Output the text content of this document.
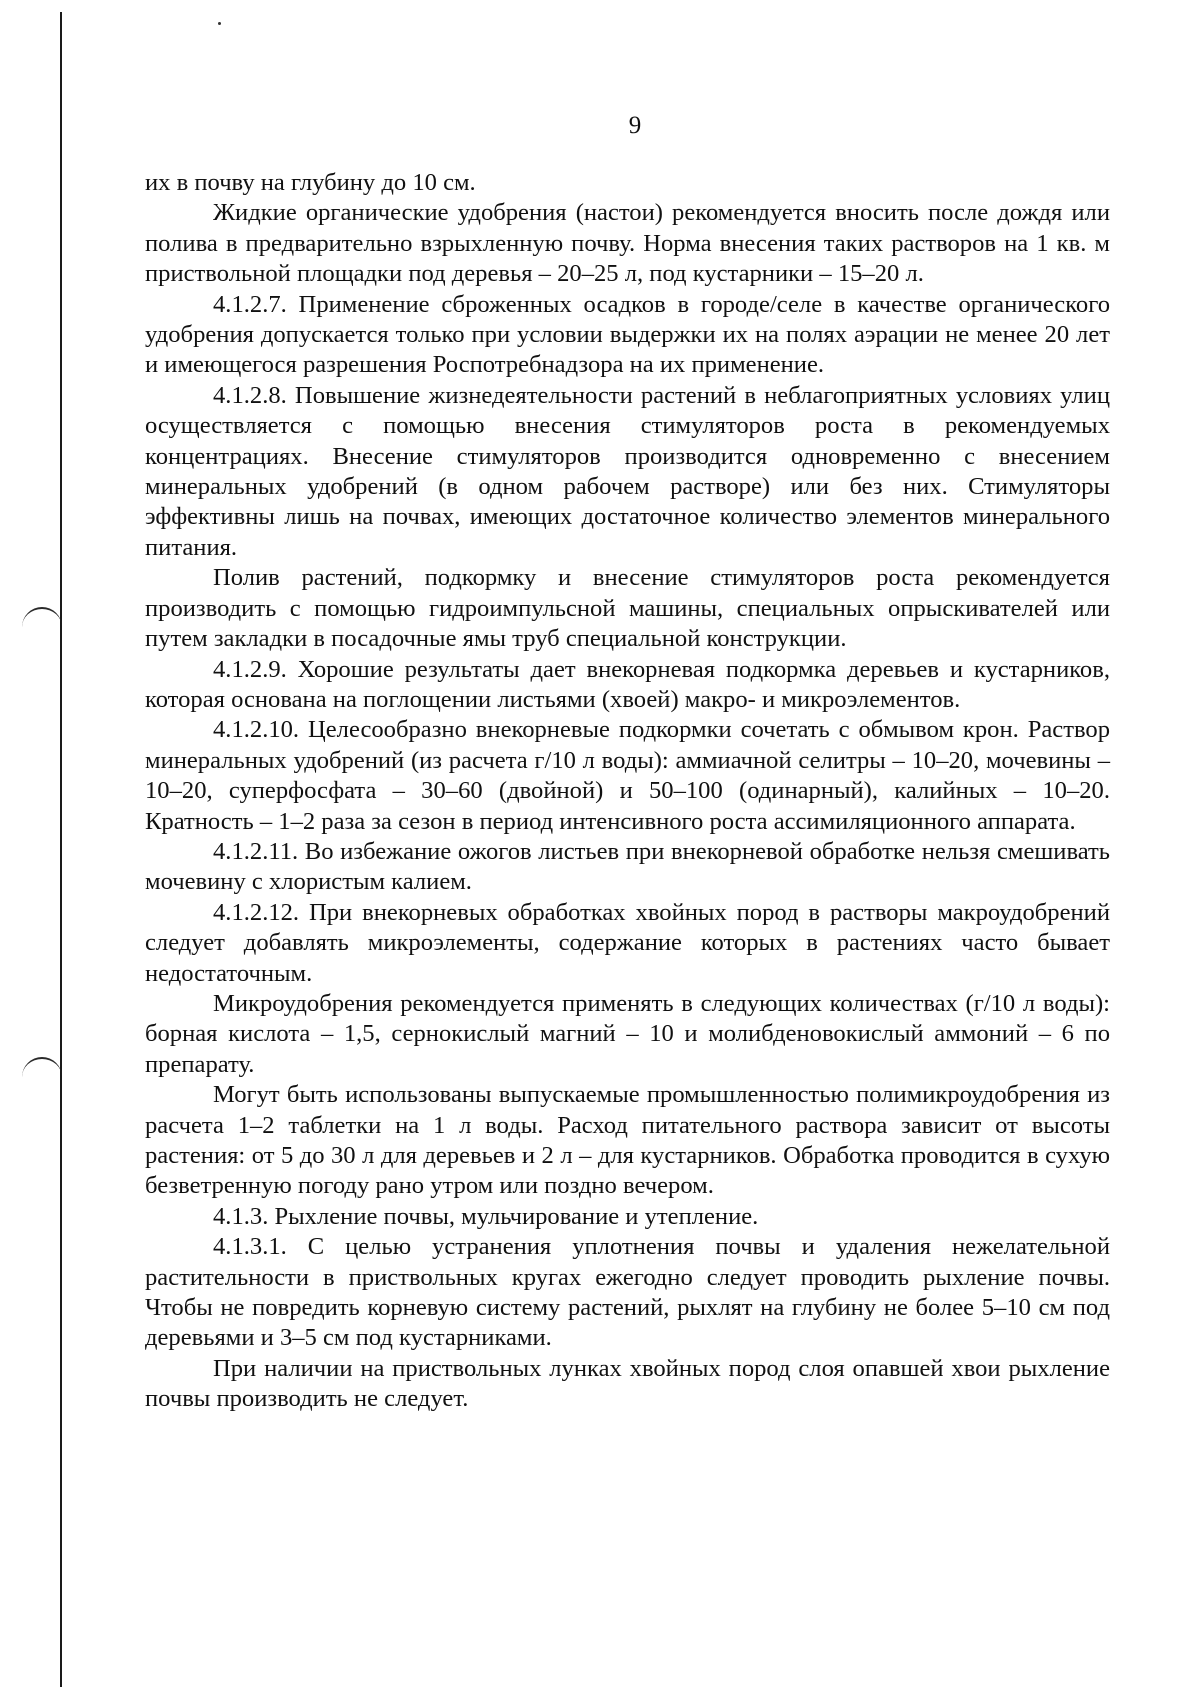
9

их в почву на глубину до 10 см.

Жидкие органические удобрения (настои) рекомендуется вносить после дождя или полива в предварительно взрыхленную почву. Норма внесения таких растворов на 1 кв. м приствольной площадки под деревья – 20–25 л, под кустарники – 15–20 л.

4.1.2.7. Применение сброженных осадков в городе/селе в качестве органического удобрения допускается только при условии выдержки их на полях аэрации не менее 20 лет и имеющегося разрешения Роспотребнадзора на их применение.

4.1.2.8. Повышение жизнедеятельности растений в неблагоприятных условиях улиц осуществляется с помощью внесения стимуляторов роста в рекомендуемых концентрациях. Внесение стимуляторов производится одновременно с внесением минеральных удобрений (в одном рабочем растворе) или без них. Стимуляторы эффективны лишь на почвах, имеющих достаточное количество элементов минерального питания.

Полив растений, подкормку и внесение стимуляторов роста рекомендуется производить с помощью гидроимпульсной машины, специальных опрыскивателей или путем закладки в посадочные ямы труб специальной конструкции.

4.1.2.9. Хорошие результаты дает внекорневая подкормка деревьев и кустарников, которая основана на поглощении листьями (хвоей) макро- и микроэлементов.

4.1.2.10. Целесообразно внекорневые подкормки сочетать с обмывом крон. Раствор минеральных удобрений (из расчета г/10 л воды): аммиачной селитры – 10–20, мочевины – 10–20, суперфосфата – 30–60 (двойной) и 50–100 (одинарный), калийных – 10–20. Кратность – 1–2 раза за сезон в период интенсивного роста ассимиляционного аппарата.

4.1.2.11. Во избежание ожогов листьев при внекорневой обработке нельзя смешивать мочевину с хлористым калием.

4.1.2.12. При внекорневых обработках хвойных пород в растворы макроудобрений следует добавлять микроэлементы, содержание которых в растениях часто бывает недостаточным.

Микроудобрения рекомендуется применять в следующих количествах (г/10 л воды): борная кислота – 1,5, сернокислый магний – 10 и молибденовокислый аммоний – 6 по препарату.

Могут быть использованы выпускаемые промышленностью полимикроудобрения из расчета 1–2 таблетки на 1 л воды. Расход питательного раствора зависит от высоты растения: от 5 до 30 л для деревьев и 2 л – для кустарников. Обработка проводится в сухую безветренную погоду рано утром или поздно вечером.

4.1.3. Рыхление почвы, мульчирование и утепление.

4.1.3.1. С целью устранения уплотнения почвы и удаления нежелательной растительности в приствольных кругах ежегодно следует проводить рыхление почвы. Чтобы не повредить корневую систему растений, рыхлят на глубину не более 5–10 см под деревьями и 3–5 см под кустарниками.

При наличии на приствольных лунках хвойных пород слоя опавшей хвои рыхление почвы производить не следует.
